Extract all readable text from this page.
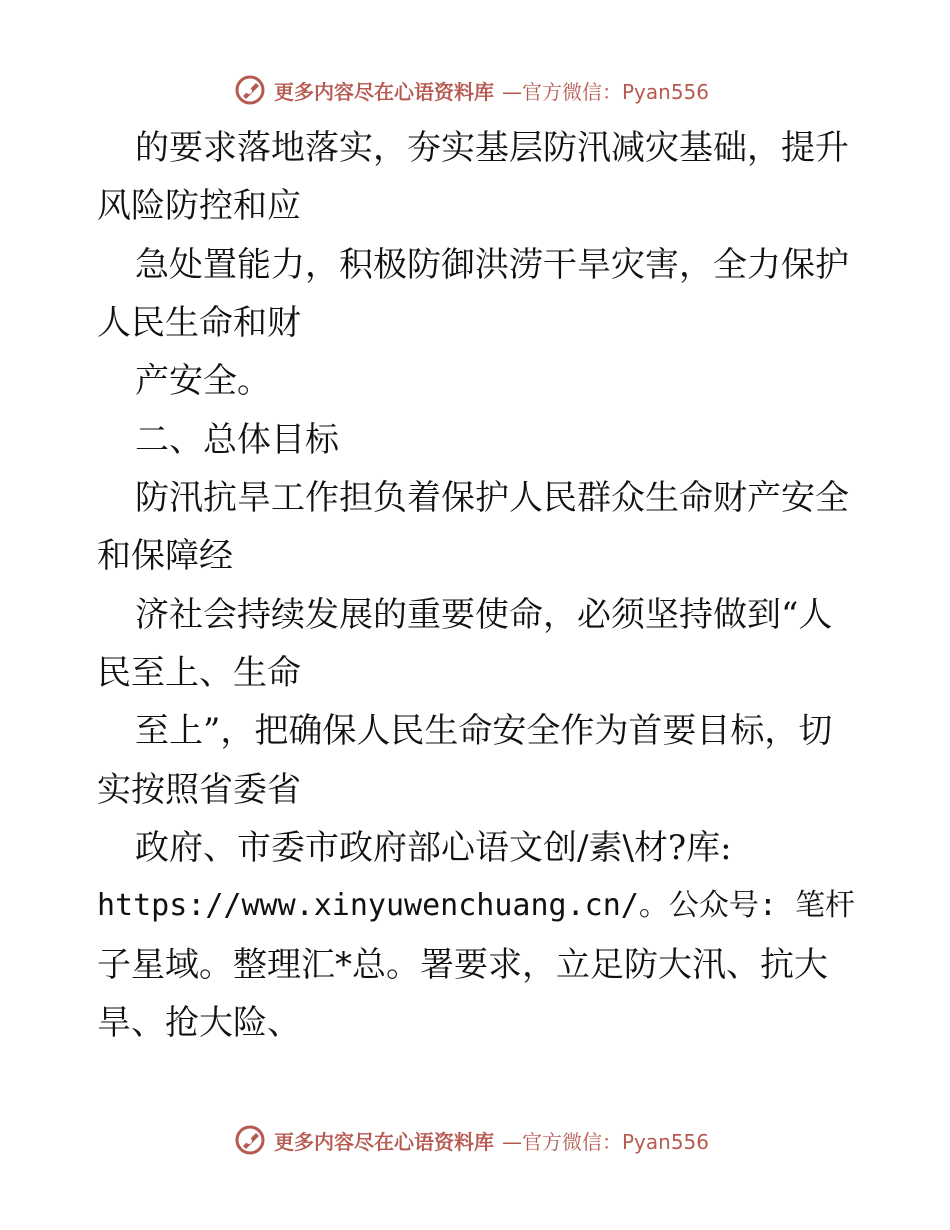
更多内容尽在心语资料库 —官方微信：Pyan556
的要求落地落实，夯实基层防汛减灾基础，提升
风险防控和应
急处置能力，积极防御洪涝干旱灾害，全力保护
人民生命和财
产安全。
二、总体目标
防汛抗旱工作担负着保护人民群众生命财产安全
和保障经
济社会持续发展的重要使命，必须坚持做到“人
民至上、生命
至上”，把确保人民生命安全作为首要目标，切
实按照省委省
政府、市委市政府部心语文创/素\材?库:
https://www.xinyuwenchuang.cn/。公众号: 笔杆
子星域。整理汇*总。署要求，立足防大汛、抗大
旱、抢大险、
更多内容尽在心语资料库 —官方微信：Pyan556
